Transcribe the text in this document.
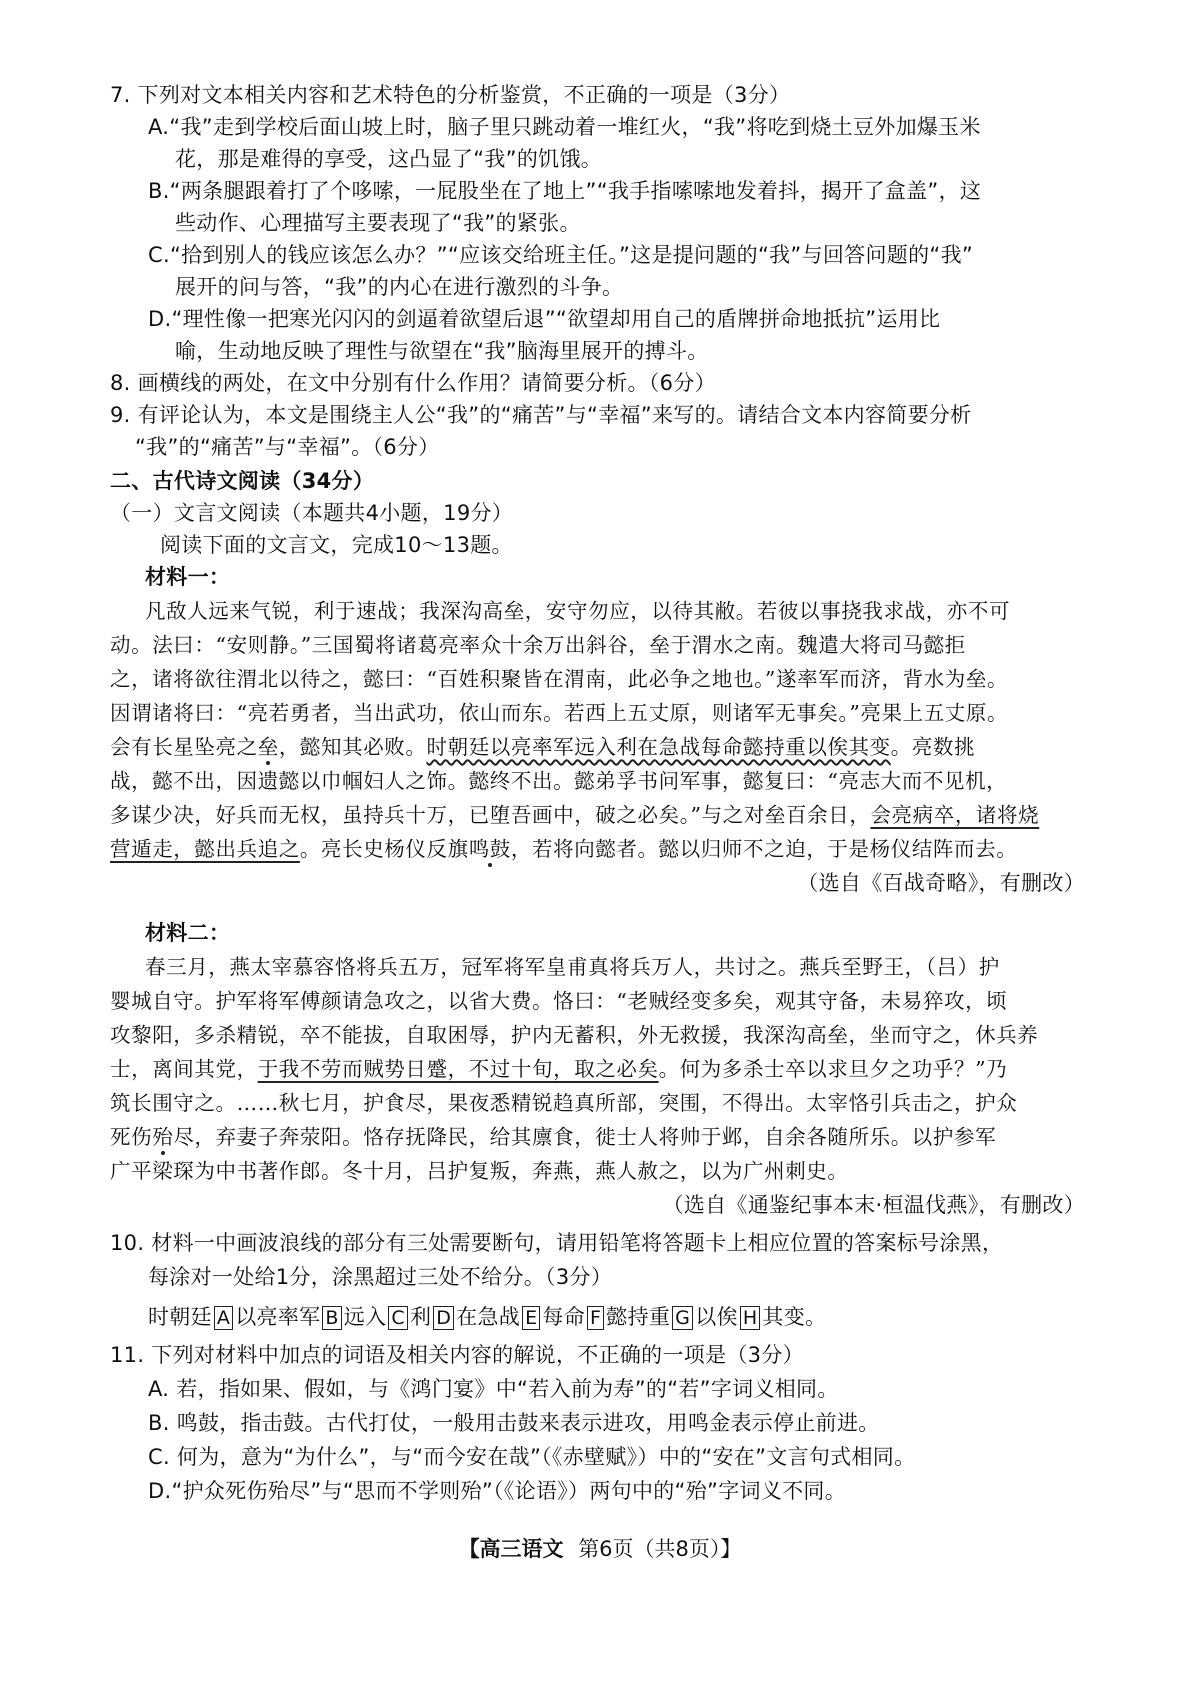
7. 下列对文本相关内容和艺术特色的分析鉴赏，不正确的一项是（3分）
A.“我”走到学校后面山坡上时，脑子里只跳动着一堆红火，“我”将吃到烧土豆外加爆玉米
花，那是难得的享受，这凸显了“我”的饥饿。
B.“两条腿跟着打了个哆嗦，一屁股坐在了地上”“我手指嗦嗦地发着抖，揭开了盒盖”，这
些动作、心理描写主要表现了“我”的紧张。
C.“拾到别人的钱应该怎么办？”“应该交给班主任。”这是提问题的“我”与回答问题的“我”
展开的问与答，“我”的内心在进行激烈的斗争。
D.“理性像一把寒光闪闪的剑逼着欲望后退”“欲望却用自己的盾牌拼命地抵抗”运用比
喻，生动地反映了理性与欲望在“我”脑海里展开的搏斗。
8. 画横线的两处，在文中分别有什么作用？请简要分析。（6分）
9. 有评论认为，本文是围绕主人公“我”的“痛苦”与“幸福”来写的。请结合文本内容简要分析
“我”的“痛苦”与“幸福”。（6分）
二、古代诗文阅读（34分）
（一）文言文阅读（本题共4小题，19分）
阅读下面的文言文，完成10～13题。
材料一：
凡敌人远来气锐，利于速战；我深沟高垒，安守勿应，以待其敝。若彼以事挠我求战，亦不可
动。法曰：“安则静。”三国蜀将诸葛亮率众十余万出斜谷，垒于渭水之南。魏遣大将司马懿拒
之，诸将欲往渭北以待之，懿曰：“百姓积聚皆在渭南，此必争之地也。”遂率军而济，背水为垒。
因谓诸将曰：“亮若勇者，当出武功，依山而东。若西上五丈原，则诸军无事矣。”亮果上五丈原。
会有长星坠亮之垒，懿知其必败。时朝廷以亮率军远入利在急战每命懿持重以俟其变。亮数挑
战，懿不出，因遗懿以巾帼妇人之饰。懿终不出。懿弟孚书问军事，懿复曰：“亮志大而不见机，
多谋少决，好兵而无权，虽持兵十万，已堕吾画中，破之必矣。”与之对垒百余日，会亮病卒，诸将烧
营遁走，懿出兵追之。亮长史杨仪反旗鸣鼓，若将向懿者。懿以归师不之迫，于是杨仪结阵而去。
（选自《百战奇略》，有删改）
材料二：
春三月，燕太宰慕容恪将兵五万，冠军将军皇甫真将兵万人，共讨之。燕兵至野王，（吕）护
婴城自守。护军将军傅颜请急攻之，以省大费。恪曰：“老贼经变多矣，观其守备，未易猝攻，顷
攻黎阳，多杀精锐，卒不能拔，自取困辱，护内无蓄积，外无救援，我深沟高垒，坐而守之，休兵养
士，离间其党，于我不劳而贼势日蹙，不过十旬，取之必矣。何为多杀士卒以求旦夕之功乎？”乃
筑长围守之。……秋七月，护食尽，果夜悉精锐趋真所部，突围，不得出。太宰恪引兵击之，护众
死伤殆尽，弃妻子奔荥阳。恪存抚降民，给其廪食，徙士人将帅于邺，自余各随所乐。以护参军
广平梁琛为中书著作郎。冬十月，吕护复叛，奔燕，燕人赦之，以为广州刺史。
（选自《通鉴纪事本末·桓温伐燕》，有删改）
10. 材料一中画波浪线的部分有三处需要断句，请用铅笔将答题卡上相应位置的答案标号涂黑，
每涂对一处给1分，涂黑超过三处不给分。（3分）
时朝廷 A 以亮率军 B 远入 C 利 D 在急战 E 每命 F 懿持重 G 以俟 H 其变。
11. 下列对材料中加点的词语及相关内容的解说，不正确的一项是（3分）
A. 若，指如果、假如，与《鸿门宴》中“若入前为寿”的“若”字词义相同。
B. 鸣鼓，指击鼓。古代打仗，一般用击鼓来表示进攻，用鸣金表示停止前进。
C. 何为，意为“为什么”，与“而今安在哉”（《赤壁赋》）中的“安在”文言句式相同。
D.“护众死伤殆尽”与“思而不学则殆”（《论语》）两句中的“殆”字词义不同。
【高三语文 第6页（共8页）】
